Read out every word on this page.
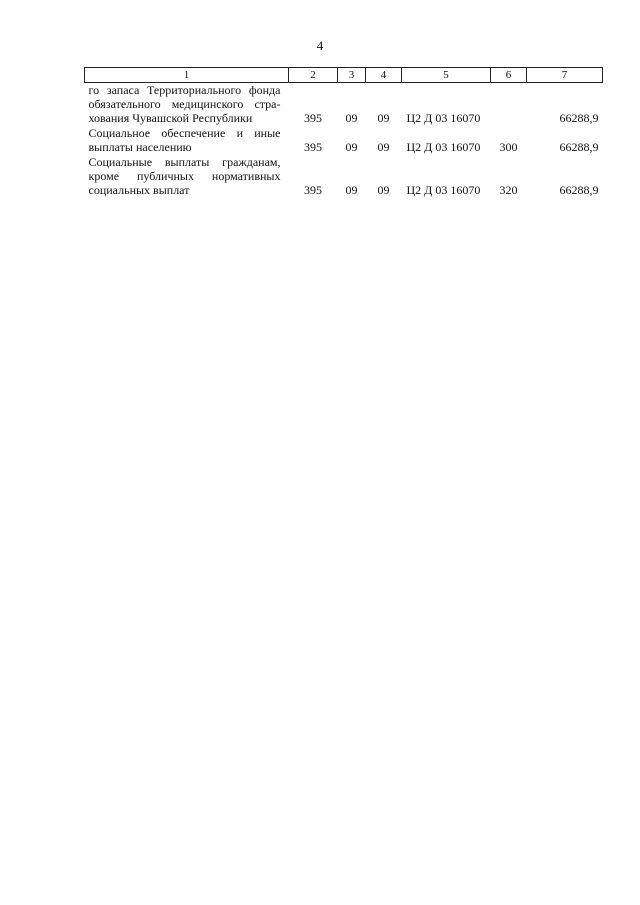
4
1	2	3	4	5	6	7
го запаса Территориального фонда обязательного медицинского стра-хования Чувашской Республики	395	09	09	Ц2 Д 03 16070		66288,9
Социальное обеспечение и иные выплаты населению	395	09	09	Ц2 Д 03 16070	300	66288,9
Социальные выплаты гражданам, кроме публичных нормативных социальных выплат	395	09	09	Ц2 Д 03 16070	320	66288,9
